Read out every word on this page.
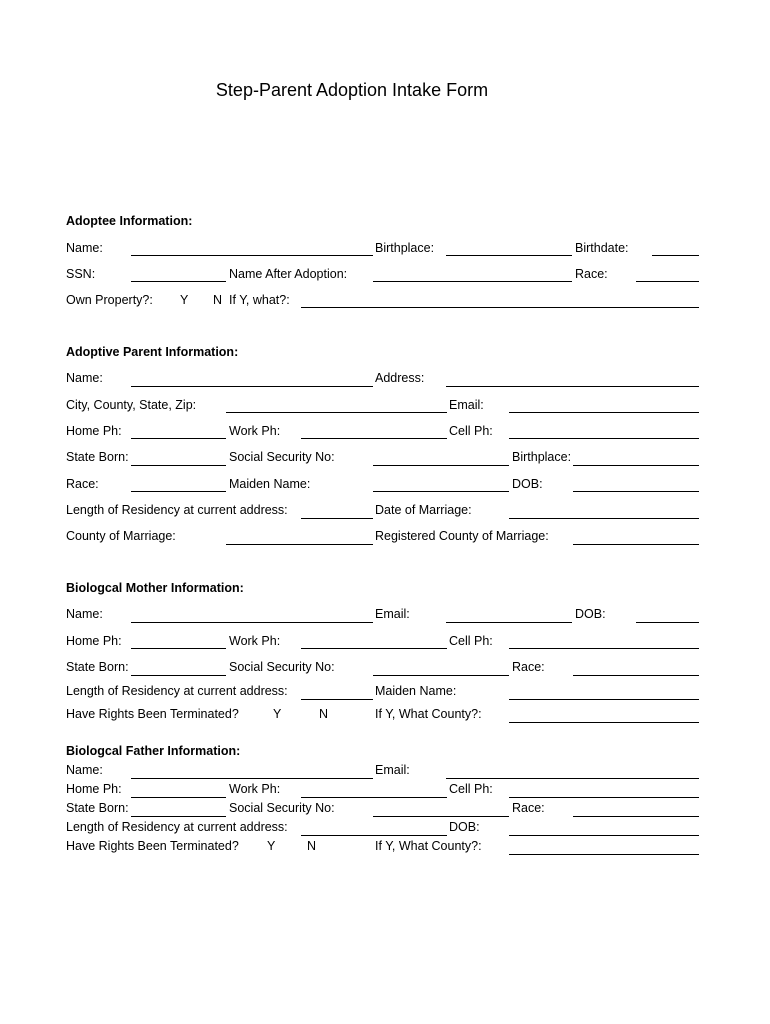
Step-Parent Adoption Intake Form
Adoptee Information:
Name:	Birthplace:	Birthdate:
SSN:	Name After Adoption:	Race:
Own Property?: Y N If Y, what?:
Adoptive Parent Information:
Name:	Address:
City, County, State, Zip:	Email:
Home Ph:	Work Ph:	Cell Ph:
State Born:	Social Security No:	Birthplace:
Race:	Maiden Name:	DOB:
Length of Residency at current address:	Date of Marriage:
County of Marriage:	Registered County of Marriage:
Biologcal Mother Information:
Name:	Email:	DOB:
Home Ph:	Work Ph:	Cell Ph:
State Born:	Social Security No:	Race:
Length of Residency at current address:	Maiden Name:
Have Rights Been Terminated?	Y	N	If Y, What County?:
Biologcal Father Information:
Name:	Email:
Home Ph:	Work Ph:	Cell Ph:
State Born:	Social Security No:	Race:
Length of Residency at current address:	DOB:
Have Rights Been Terminated? Y	N	If Y, What County?:
